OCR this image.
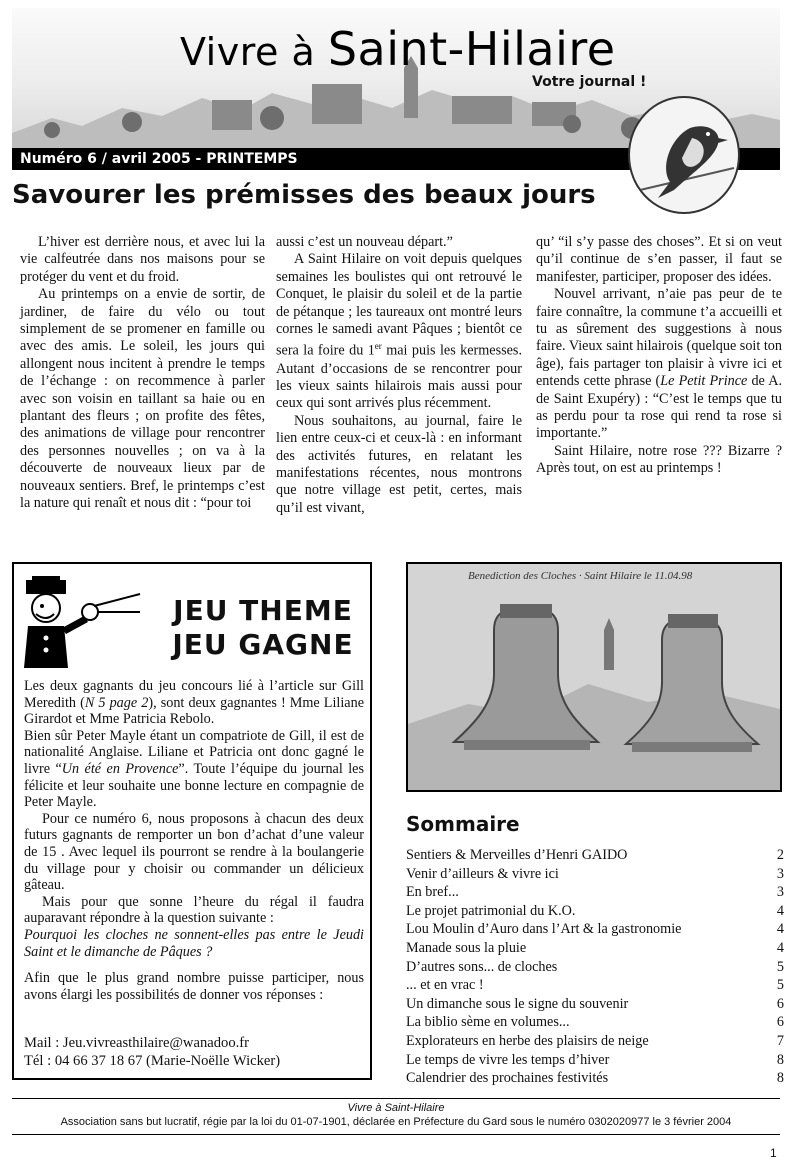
Vivre à Saint-Hilaire
Votre journal !
Numéro 6 / avril 2005 - PRINTEMPS
Savourer les prémisses des beaux jours

L’hiver est derrière nous, et avec lui la vie calfeutrée dans nos maisons pour se protéger du vent et du froid.

Au printemps on a envie de sortir, de jardiner, de faire du vélo ou tout simplement de se promener en famille ou avec des amis. Le soleil, les jours qui allongent nous incitent à prendre le temps de l’échange : on recommence à parler avec son voisin en taillant sa haie ou en plantant des fleurs ; on profite des fêtes, des animations de village pour rencontrer des personnes nouvelles ; on va à la découverte de nouveaux lieux par de nouveaux sentiers. Bref, le printemps c’est la nature qui renaît et nous dit : “pour toi

aussi c’est un nouveau départ.”

A Saint Hilaire on voit depuis quelques semaines les boulistes qui ont retrouvé le Conquet, le plaisir du soleil et de la partie de pétanque ; les taureaux ont montré leurs cornes le samedi avant Pâques ; bientôt ce sera la foire du 1er mai puis les kermesses. Autant d’occasions de se rencontrer pour les vieux saints hilairois mais aussi pour ceux qui sont arrivés plus récemment.

Nous souhaitons, au journal, faire le lien entre ceux-ci et ceux-là : en informant des activités futures, en relatant les manifestations récentes, nous montrons que notre village est petit, certes, mais qu’il est vivant,

qu’ “il s’y passe des choses”. Et si on veut qu’il continue de s’en passer, il faut se manifester, participer, proposer des idées.

Nouvel arrivant, n’aie pas peur de te faire connaître, la commune t’a accueilli et tu as sûrement des suggestions à nous faire. Vieux saint hilairois (quelque soit ton âge), fais partager ton plaisir à vivre ici et entends cette phrase (Le Petit Prince de A. de Saint Exupéry) : “C’est le temps que tu as perdu pour ta rose qui rend ta rose si importante.”

Saint Hilaire, notre rose ??? Bizarre ? Après tout, on est au printemps !

JEU THEME
JEU GAGNE

Les deux gagnants du jeu concours lié à l’article sur Gill Meredith (N 5 page 2), sont deux gagnantes ! Mme Liliane Girardot et Mme Patricia Rebolo.

Bien sûr Peter Mayle étant un compatriote de Gill, il est de nationalité Anglaise. Liliane et Patricia ont donc gagné le livre “Un été en Provence”. Toute l’équipe du journal les félicite et leur souhaite une bonne lecture en compagnie de Peter Mayle.

Pour ce numéro 6, nous proposons à chacun des deux futurs gagnants de remporter un bon d’achat d’une valeur de 15 . Avec lequel ils pourront se rendre à la boulangerie du village pour y choisir ou commander un délicieux gâteau.

Mais pour que sonne l’heure du régal il faudra auparavant répondre à la question suivante :

Pourquoi les cloches ne sonnent-elles pas entre le Jeudi Saint et le dimanche de Pâques ?

Afin que le plus grand nombre puisse participer, nous avons élargi les possibilités de donner vos réponses :

Mail : Jeu.vivreasthilaire@wanadoo.fr
Tél : 04 66 37 18 67 (Marie-Noëlle Wicker)
Benediction des Cloches · Saint Hilaire le 11.04.98
Sommaire
Sentiers & Merveilles d’Henri GAIDO	2
Venir d’ailleurs & vivre ici	3
En bref...	3
Le projet patrimonial du K.O.	4
Lou Moulin d’Auro dans l’Art & la gastronomie	4
Manade sous la pluie	4
D’autres sons... de cloches	5
... et en vrac !	5
Un dimanche sous le signe du souvenir	6
La biblio sème en volumes...	6
Explorateurs en herbe des plaisirs de neige	7
Le temps de vivre les temps d’hiver	8
Calendrier des prochaines festivités	8
Vivre à Saint-Hilaire
Association sans but lucratif, régie par la loi du 01-07-1901, déclarée en Préfecture du Gard sous le numéro 0302020977 le 3 février 2004
1
